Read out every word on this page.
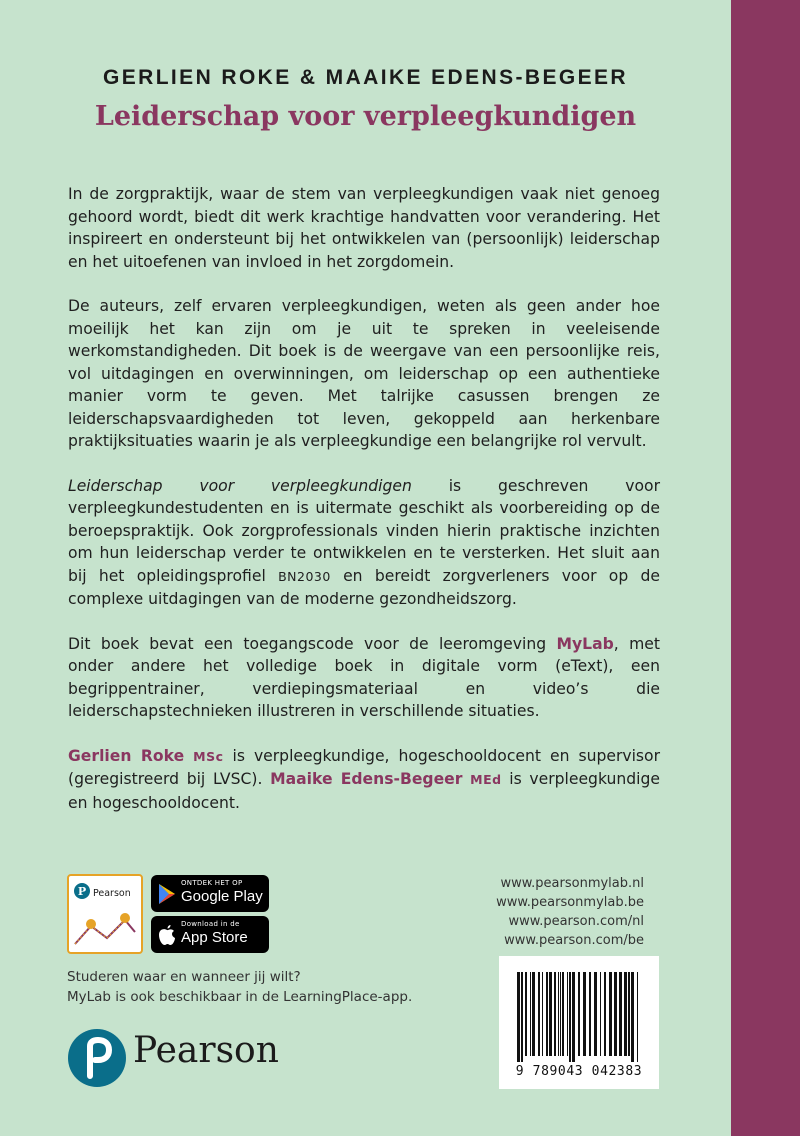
GERLIEN ROKE & MAAIKE EDENS-BEGEER
Leiderschap voor verpleegkundigen

In de zorgpraktijk, waar de stem van verpleegkundigen vaak niet genoeg gehoord wordt, biedt dit werk krachtige handvatten voor verandering. Het inspireert en ondersteunt bij het ontwikkelen van (persoonlijk) leiderschap en het uitoefenen van invloed in het zorgdomein.

De auteurs, zelf ervaren verpleegkundigen, weten als geen ander hoe moeilijk het kan zijn om je uit te spreken in veeleisende werkomstandigheden. Dit boek is de weergave van een persoonlijke reis, vol uitdagingen en overwinningen, om leiderschap op een authentieke manier vorm te geven. Met talrijke casussen brengen ze leiderschapsvaardigheden tot leven, gekoppeld aan herkenbare praktijksituaties waarin je als verpleegkundige een belangrijke rol vervult.

Leiderschap voor verpleegkundigen is geschreven voor verpleegkundestudenten en is uitermate geschikt als voorbereiding op de beroepspraktijk. Ook zorgprofessionals vinden hierin praktische inzichten om hun leiderschap verder te ontwikkelen en te versterken. Het sluit aan bij het opleidingsprofiel BN2030 en bereidt zorgverleners voor op de complexe uitdagingen van de moderne gezondheidszorg.

Dit boek bevat een toegangscode voor de leeromgeving MyLab, met onder andere het volledige boek in digitale vorm (eText), een begrippentrainer, verdiepingsmateriaal en video’s die leiderschapstechnieken illustreren in verschillende situaties.

Gerlien Roke MSc is verpleegkundige, hogeschooldocent en supervisor (geregistreerd bij LVSC). Maaike Edens-Begeer MEd is verpleegkundige en hogeschooldocent.

P Pearson
ONTDEK HET OP
Google Play
Download in de
App Store
Studeren waar en wanneer jij wilt?
MyLab is ook beschikbaar in de LearningPlace-app.
Pearson
www.pearsonmylab.nl
www.pearsonmylab.be
www.pearson.com/nl
www.pearson.com/be
9 789043 042383
